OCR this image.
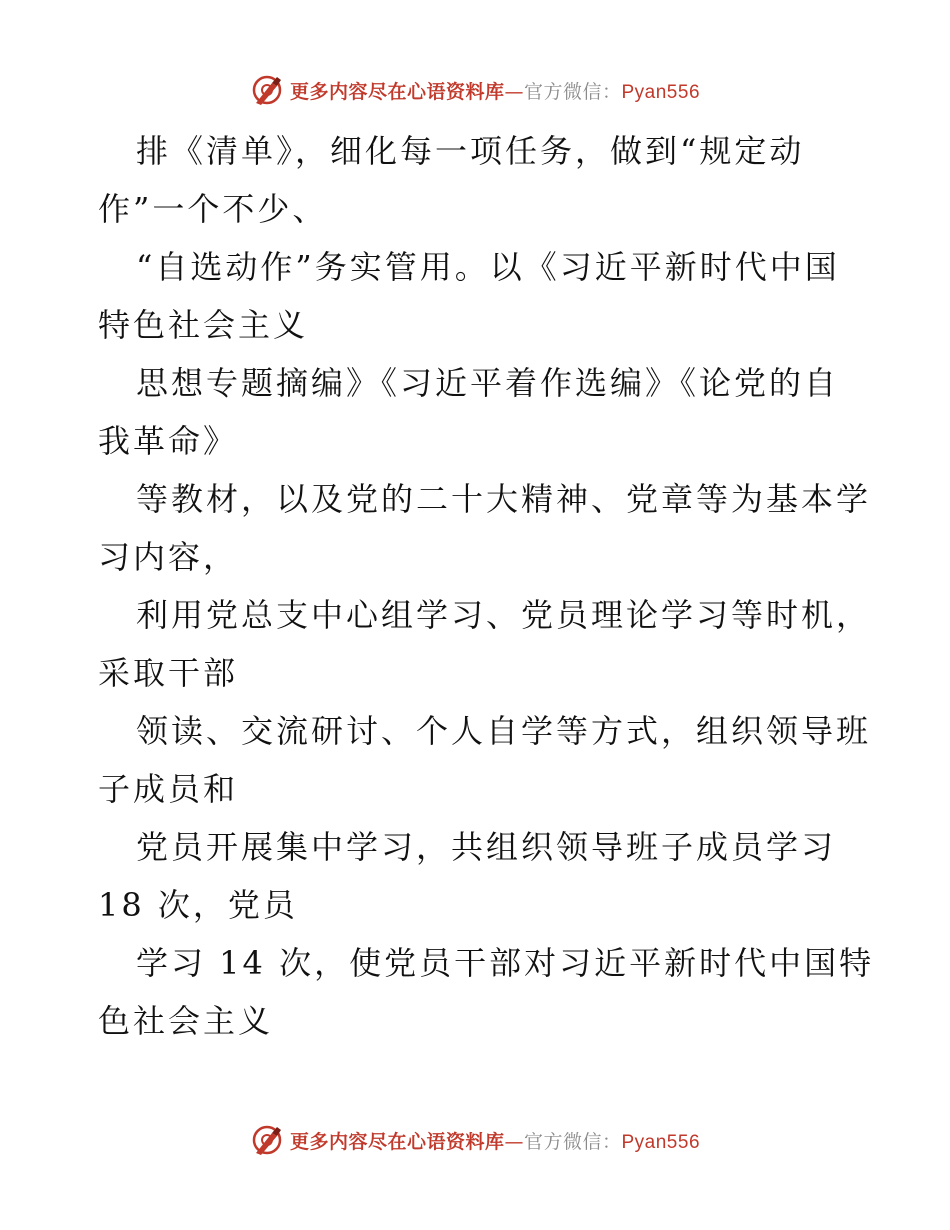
更多内容尽在心语资料库—官方微信：Pyan556
排《清单》，细化每一项任务，做到“规定动
作”一个不少、
“自选动作”务实管用。以《习近平新时代中国
特色社会主义
思想专题摘编》《习近平着作选编》《论党的自
我革命》
等教材，以及党的二十大精神、党章等为基本学
习内容，
利用党总支中心组学习、党员理论学习等时机，
采取干部
领读、交流研讨、个人自学等方式，组织领导班
子成员和
党员开展集中学习，共组织领导班子成员学习
18 次，党员
学习 14 次，使党员干部对习近平新时代中国特
色社会主义
更多内容尽在心语资料库—官方微信：Pyan556
